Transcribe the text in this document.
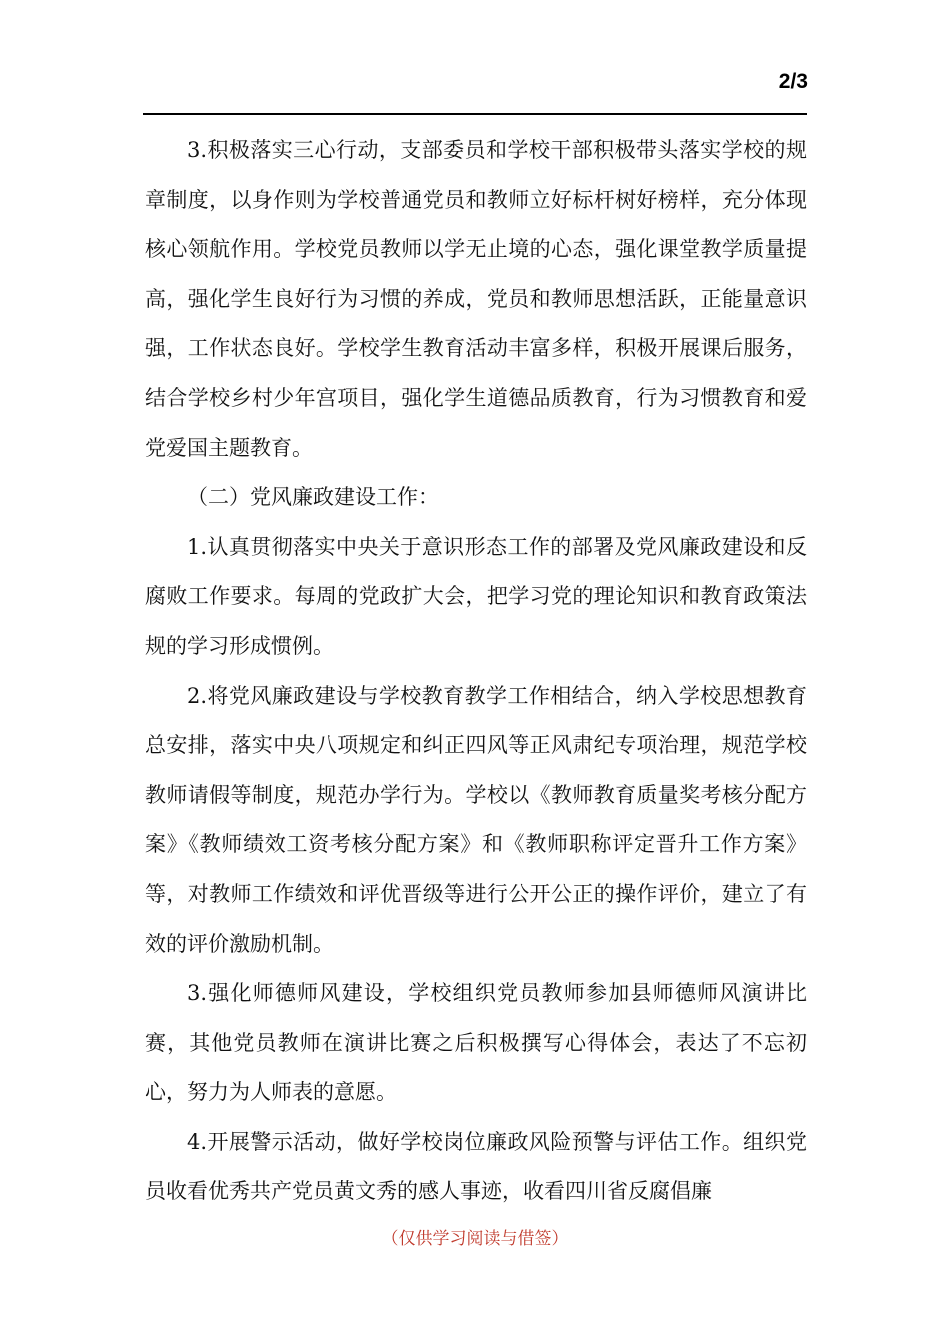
2/3

3.积极落实三心行动，支部委员和学校干部积极带头落实学校的规章制度，以身作则为学校普通党员和教师立好标杆树好榜样，充分体现核心领航作用。学校党员教师以学无止境的心态，强化课堂教学质量提高，强化学生良好行为习惯的养成，党员和教师思想活跃，正能量意识强，工作状态良好。学校学生教育活动丰富多样，积极开展课后服务，结合学校乡村少年宫项目，强化学生道德品质教育，行为习惯教育和爱党爱国主题教育。

（二）党风廉政建设工作：

1.认真贯彻落实中央关于意识形态工作的部署及党风廉政建设和反腐败工作要求。每周的党政扩大会，把学习党的理论知识和教育政策法规的学习形成惯例。

2.将党风廉政建设与学校教育教学工作相结合，纳入学校思想教育总安排，落实中央八项规定和纠正四风等正风肃纪专项治理，规范学校教师请假等制度，规范办学行为。学校以《教师教育质量奖考核分配方案》《教师绩效工资考核分配方案》和《教师职称评定晋升工作方案》等，对教师工作绩效和评优晋级等进行公开公正的操作评价，建立了有效的评价激励机制。

3.强化师德师风建设，学校组织党员教师参加县师德师风演讲比赛，其他党员教师在演讲比赛之后积极撰写心得体会，表达了不忘初心，努力为人师表的意愿。

4.开展警示活动，做好学校岗位廉政风险预警与评估工作。组织党员收看优秀共产党员黄文秀的感人事迹，收看四川省反腐倡廉

（仅供学习阅读与借签）
